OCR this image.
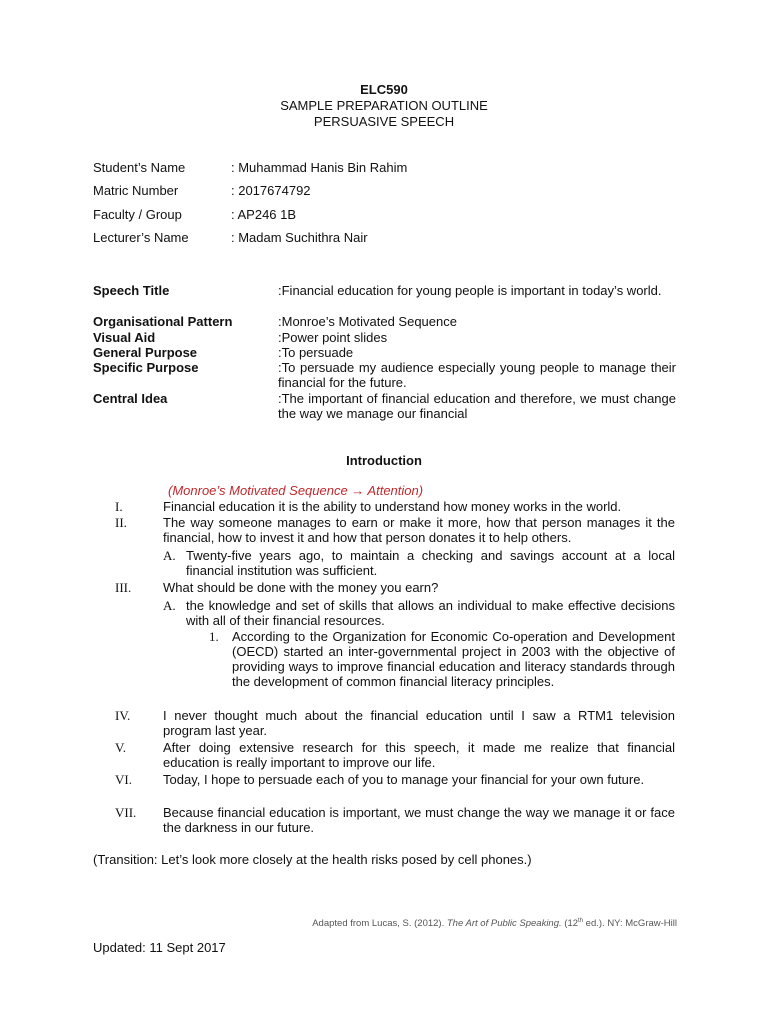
ELC590
SAMPLE PREPARATION OUTLINE
PERSUASIVE SPEECH
Student’s Name	: Muhammad Hanis Bin Rahim
Matric Number	: 2017674792
Faculty / Group	: AP246 1B
Lecturer’s Name	: Madam Suchithra Nair
Speech Title	:Financial education for young people is important in today’s world.
Organisational Pattern	:Monroe’s Motivated Sequence
Visual Aid	:Power point slides
General Purpose	:To persuade
Specific Purpose	:To persuade my audience especially young people to manage their financial for the future.
Central Idea	:The important of financial education and therefore, we must change the way we manage our financial
Introduction
(Monroe’s Motivated Sequence → Attention)
I.	Financial education it is the ability to understand how money works in the world.
II.	The way someone manages to earn or make it more, how that person manages it the financial, how to invest it and how that person donates it to help others.
A. Twenty-five years ago, to maintain a checking and savings account at a local financial institution was sufficient.
III. What should be done with the money you earn?
A. the knowledge and set of skills that allows an individual to make effective decisions with all of their financial resources.
1. According to the Organization for Economic Co-operation and Development (OECD) started an inter-governmental project in 2003 with the objective of providing ways to improve financial education and literacy standards through the development of common financial literacy principles.
IV.	I never thought much about the financial education until I saw a RTM1 television program last year.
V.	After doing extensive research for this speech, it made me realize that financial education is really important to improve our life.
VI. Today, I hope to persuade each of you to manage your financial for your own future.
VII. Because financial education is important, we must change the way we manage it or face the darkness in our future.
(Transition: Let’s look more closely at the health risks posed by cell phones.)
Adapted from Lucas, S. (2012). The Art of Public Speaking. (12th ed.). NY: McGraw-Hill
Updated: 11 Sept 2017
